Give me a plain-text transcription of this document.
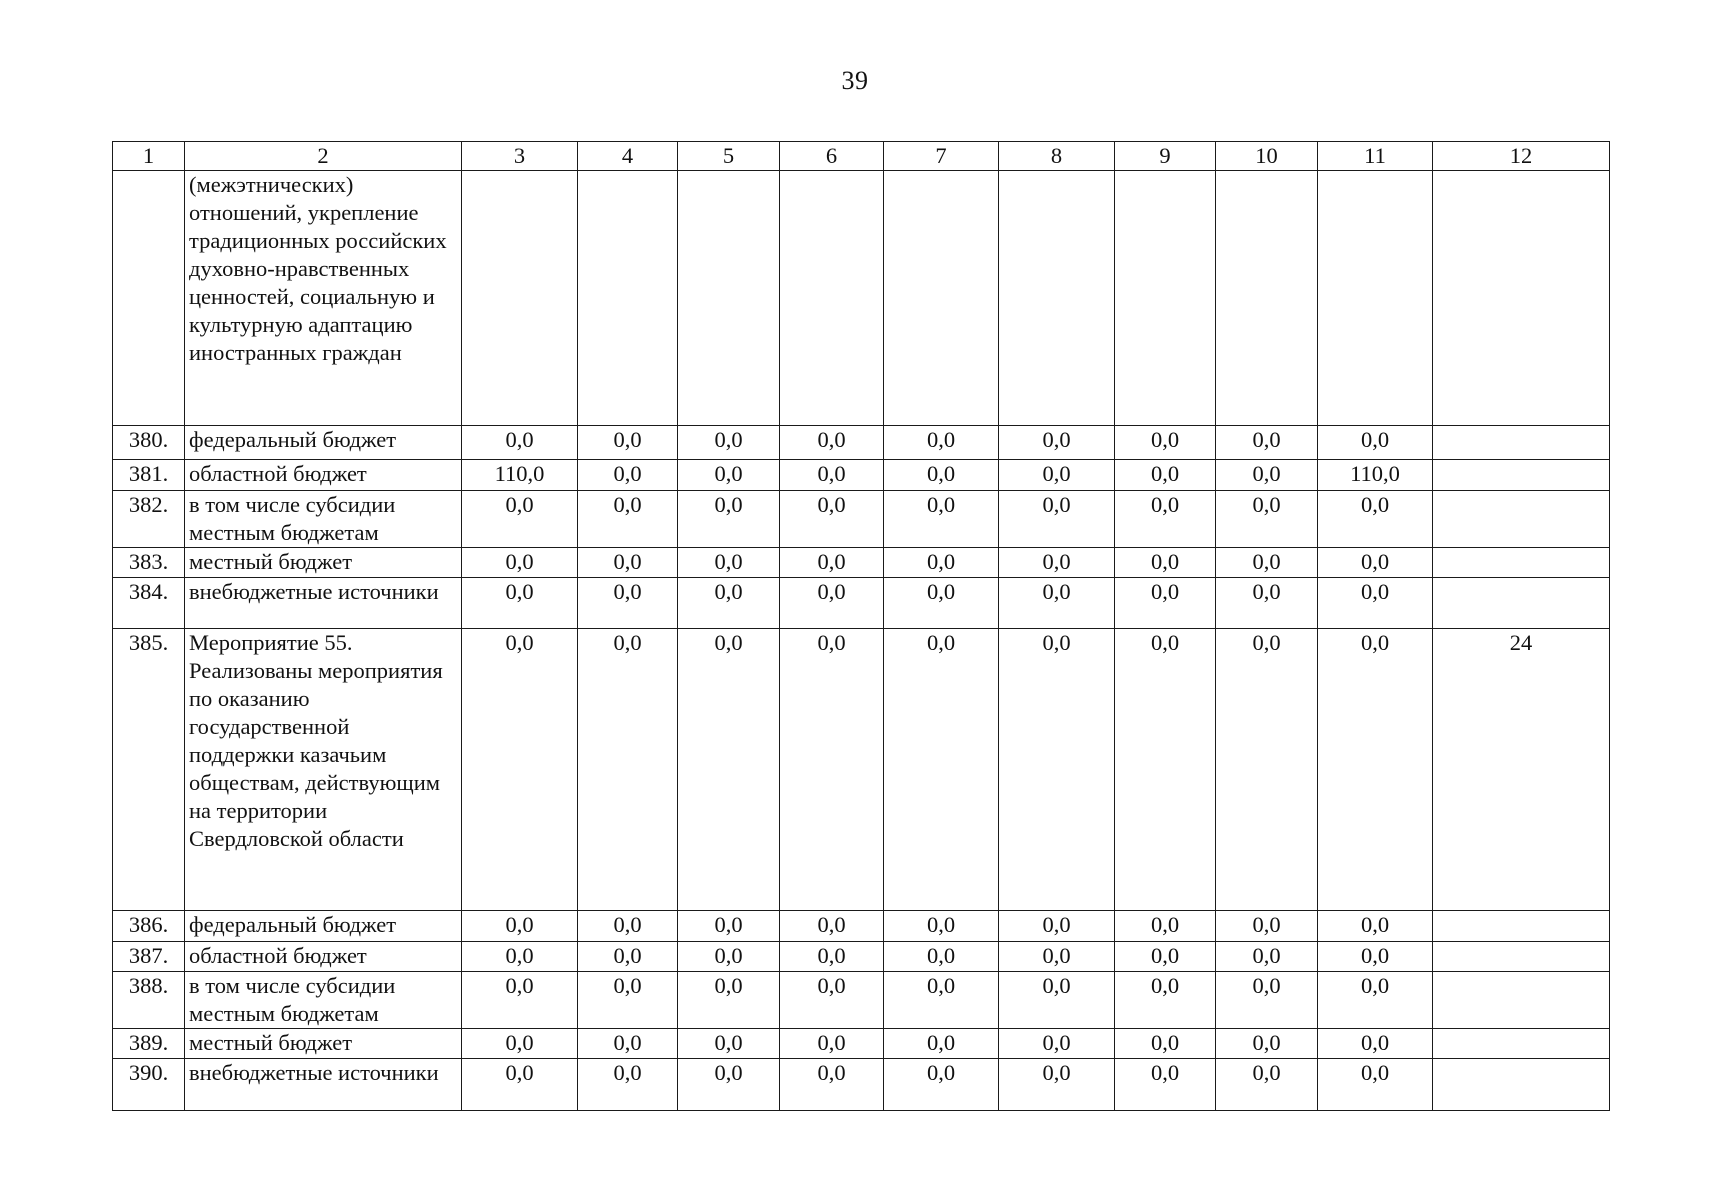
39
1	2	3	4	5	6	7	8	9	10	11	12
	(межэтнических) отношений, укрепление традиционных российских духовно-нравственных ценностей, социальную и культурную адаптацию иностранных граждан										
380.	федеральный бюджет	0,0	0,0	0,0	0,0	0,0	0,0	0,0	0,0	0,0	
381.	областной бюджет	110,0	0,0	0,0	0,0	0,0	0,0	0,0	0,0	110,0	
382.	в том числе субсидии местным бюджетам	0,0	0,0	0,0	0,0	0,0	0,0	0,0	0,0	0,0	
383.	местный бюджет	0,0	0,0	0,0	0,0	0,0	0,0	0,0	0,0	0,0	
384.	внебюджетные источники	0,0	0,0	0,0	0,0	0,0	0,0	0,0	0,0	0,0	
385.	Мероприятие 55. Реализованы мероприятия по оказанию государственной поддержки казачьим обществам, действующим на территории Свердловской области	0,0	0,0	0,0	0,0	0,0	0,0	0,0	0,0	0,0	24
386.	федеральный бюджет	0,0	0,0	0,0	0,0	0,0	0,0	0,0	0,0	0,0	
387.	областной бюджет	0,0	0,0	0,0	0,0	0,0	0,0	0,0	0,0	0,0	
388.	в том числе субсидии местным бюджетам	0,0	0,0	0,0	0,0	0,0	0,0	0,0	0,0	0,0	
389.	местный бюджет	0,0	0,0	0,0	0,0	0,0	0,0	0,0	0,0	0,0	
390.	внебюджетные источники	0,0	0,0	0,0	0,0	0,0	0,0	0,0	0,0	0,0	
